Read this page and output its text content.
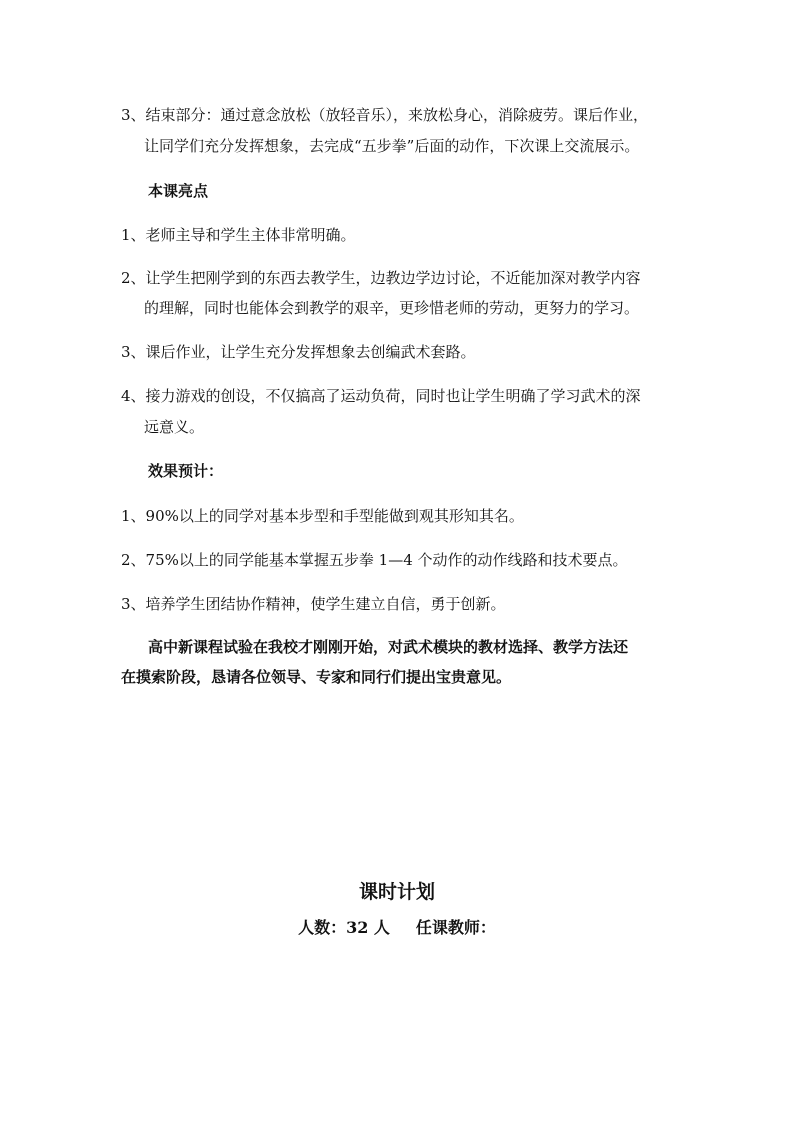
3、结束部分：通过意念放松（放轻音乐），来放松身心，消除疲劳。课后作业，
让同学们充分发挥想象，去完成“五步拳”后面的动作，下次课上交流展示。
本课亮点
1、老师主导和学生主体非常明确。
2、让学生把刚学到的东西去教学生，边教边学边讨论，不近能加深对教学内容
的理解，同时也能体会到教学的艰辛，更珍惜老师的劳动，更努力的学习。
3、课后作业，让学生充分发挥想象去创编武术套路。
4、接力游戏的创设，不仅搞高了运动负荷，同时也让学生明确了学习武术的深
远意义。
效果预计：
1、90%以上的同学对基本步型和手型能做到观其形知其名。
2、75%以上的同学能基本掌握五步拳 1—4 个动作的动作线路和技术要点。
3、培养学生团结协作精神，使学生建立自信，勇于创新。
高中新课程试验在我校才刚刚开始，对武术模块的教材选择、教学方法还
在摸索阶段，恳请各位领导、专家和同行们提出宝贵意见。
课时计划
人数：32 人 任课教师：
